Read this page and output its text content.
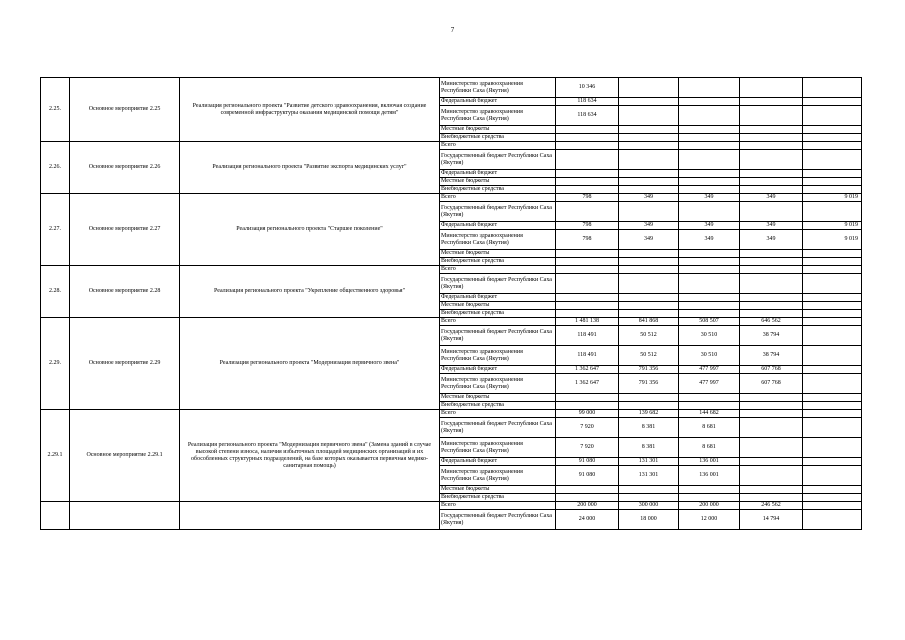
7
2.25.	Основное мероприятие 2.25	Реализация регионального проекта "Развитие детского здравоохранения, включая создание современной инфраструктуры оказания медицинской помощи детям"	Министерство здравоохранения Республики Саха (Якутия)	10 346				
			Федеральный бюджет	118 634				
			Министерство здравоохранения Республики Саха (Якутия)	118 634				
			Местные бюджеты					
			Внебюджетные средства					
2.26.	Основное мероприятие 2.26	Реализация регионального проекта "Развитие экспорта медицинских услуг"	Всего					
			Государственный бюджет Республики Саха (Якутия)					
			Федеральный бюджет					
			Местные бюджеты					
			Внебюджетные средства					
2.27.	Основное мероприятие 2.27	Реализация регионального проекта "Старшее поколение"	Всего	798	349	349	349	9 019
			Государственный бюджет Республики Саха (Якутия)					
			Федеральный бюджет	798	349	349	349	9 019
			Министерство здравоохранения Республики Саха (Якутия)	798	349	349	349	9 019
			Местные бюджеты					
			Внебюджетные средства					
2.28.	Основное мероприятие 2.28	Реализация регионального проекта "Укрепление общественного здоровья"	Всего					
			Государственный бюджет Республики Саха (Якутия)					
			Федеральный бюджет					
			Местные бюджеты					
			Внебюджетные средства					
2.29.	Основное мероприятие 2.29	Реализация регионального проекта "Модернизация первичного звена"	Всего	1 481 138	841 868	508 507	646 562	
			Государственный бюджет Республики Саха (Якутия)	118 491	50 512	30 510	38 794	
			Министерство здравоохранения Республики Саха (Якутия)	118 491	50 512	30 510	38 794	
			Федеральный бюджет	1 362 647	791 356	477 997	607 768	
			Министерство здравоохранения Республики Саха (Якутия)	1 362 647	791 356	477 997	607 768	
			Местные бюджеты					
			Внебюджетные средства					
2.29.1	Основное мероприятие 2.29.1	Реализация регионального проекта "Модернизация первичного звена" (Замена зданий в случае высокой степени износа, наличия избыточных площадей медицинских организаций и их обособленных структурных подразделений, на базе которых оказывается первичная медико-санитарная помощь)	Всего	99 000	139 682	144 682		
			Государственный бюджет Республики Саха (Якутия)	7 920	8 381	8 681		
			Министерство здравоохранения Республики Саха (Якутия)	7 920	8 381	8 681		
			Федеральный бюджет	91 080	131 301	136 001		
			Министерство здравоохранения Республики Саха (Якутия)	91 080	131 301	136 001		
			Местные бюджеты					
			Внебюджетные средства					
			Всего	200 000	300 000	200 000	246 562	
			Государственный бюджет Республики Саха (Якутия)	24 000	18 000	12 000	14 794	
